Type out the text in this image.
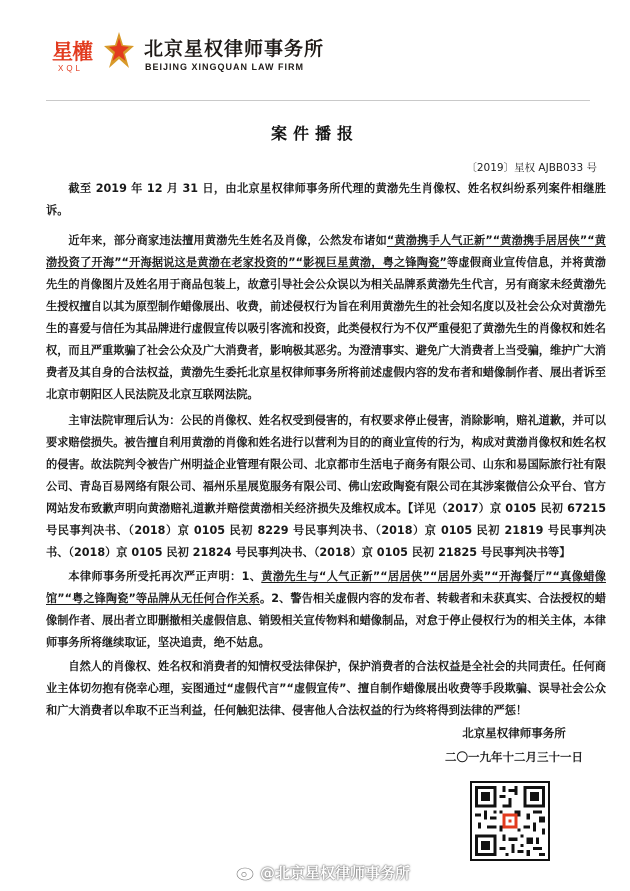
星權
XQL
北京星权律师事务所
BEIJING XINGQUAN LAW FIRM
案件播报
〔2019〕星权 AJBB033 号

截至 2019 年 12 月 31 日，由北京星权律师事务所代理的黄渤先生肖像权、姓名权纠纷系列案件相继胜诉。

近年来，部分商家违法擅用黄渤先生姓名及肖像，公然发布诸如“黄渤携手人气正新”“黄渤携手居居侠”“黄渤投资了开海”“开海据说这是黄渤在老家投资的”“影视巨星黄渤，粤之锋陶瓷”等虚假商业宣传信息，并将黄渤先生的肖像图片及姓名用于商品包装上，故意引导社会公众误以为相关品牌系黄渤先生代言，另有商家未经黄渤先生授权擅自以其为原型制作蜡像展出、收费，前述侵权行为旨在利用黄渤先生的社会知名度以及社会公众对黄渤先生的喜爱与信任为其品牌进行虚假宣传以吸引客流和投资，此类侵权行为不仅严重侵犯了黄渤先生的肖像权和姓名权，而且严重欺骗了社会公众及广大消费者，影响极其恶劣。为澄清事实、避免广大消费者上当受骗，维护广大消费者及其自身的合法权益，黄渤先生委托北京星权律师事务所将前述虚假内容的发布者和蜡像制作者、展出者诉至北京市朝阳区人民法院及北京互联网法院。

主审法院审理后认为：公民的肖像权、姓名权受到侵害的，有权要求停止侵害，消除影响，赔礼道歉，并可以要求赔偿损失。被告擅自利用黄渤的肖像和姓名进行以营利为目的的商业宣传的行为，构成对黄渤肖像权和姓名权的侵害。故法院判令被告广州明益企业管理有限公司、北京都市生活电子商务有限公司、山东和易国际旅行社有限公司、青岛百易网络有限公司、福州乐星展览服务有限公司、佛山宏政陶瓷有限公司在其涉案微信公众平台、官方网站发布致歉声明向黄渤赔礼道歉并赔偿黄渤相关经济损失及维权成本。【详见（2017）京 0105 民初 67215 号民事判决书、（2018）京 0105 民初 8229 号民事判决书、（2018）京 0105 民初 21819 号民事判决书、（2018）京 0105 民初 21824 号民事判决书、（2018）京 0105 民初 21825 号民事判决书等】

本律师事务所受托再次严正声明：1、黄渤先生与“人气正新”“居居侠”“居居外卖”“开海餐厅”“真像蜡像馆”“粤之锋陶瓷”等品牌从无任何合作关系。2、警告相关虚假内容的发布者、转载者和未获真实、合法授权的蜡像制作者、展出者立即删撤相关虚假信息、销毁相关宣传物料和蜡像制品，对怠于停止侵权行为的相关主体，本律师事务所将继续取证，坚决追责，绝不姑息。

自然人的肖像权、姓名权和消费者的知情权受法律保护，保护消费者的合法权益是全社会的共同责任。任何商业主体切勿抱有侥幸心理，妄图通过“虚假代言”“虚假宣传”、擅自制作蜡像展出收费等手段欺骗、误导社会公众和广大消费者以牟取不正当利益，任何触犯法律、侵害他人合法权益的行为终将得到法律的严惩！

北京星权律师事务所
二〇一九年十二月三十一日
@北京星权律师事务所
